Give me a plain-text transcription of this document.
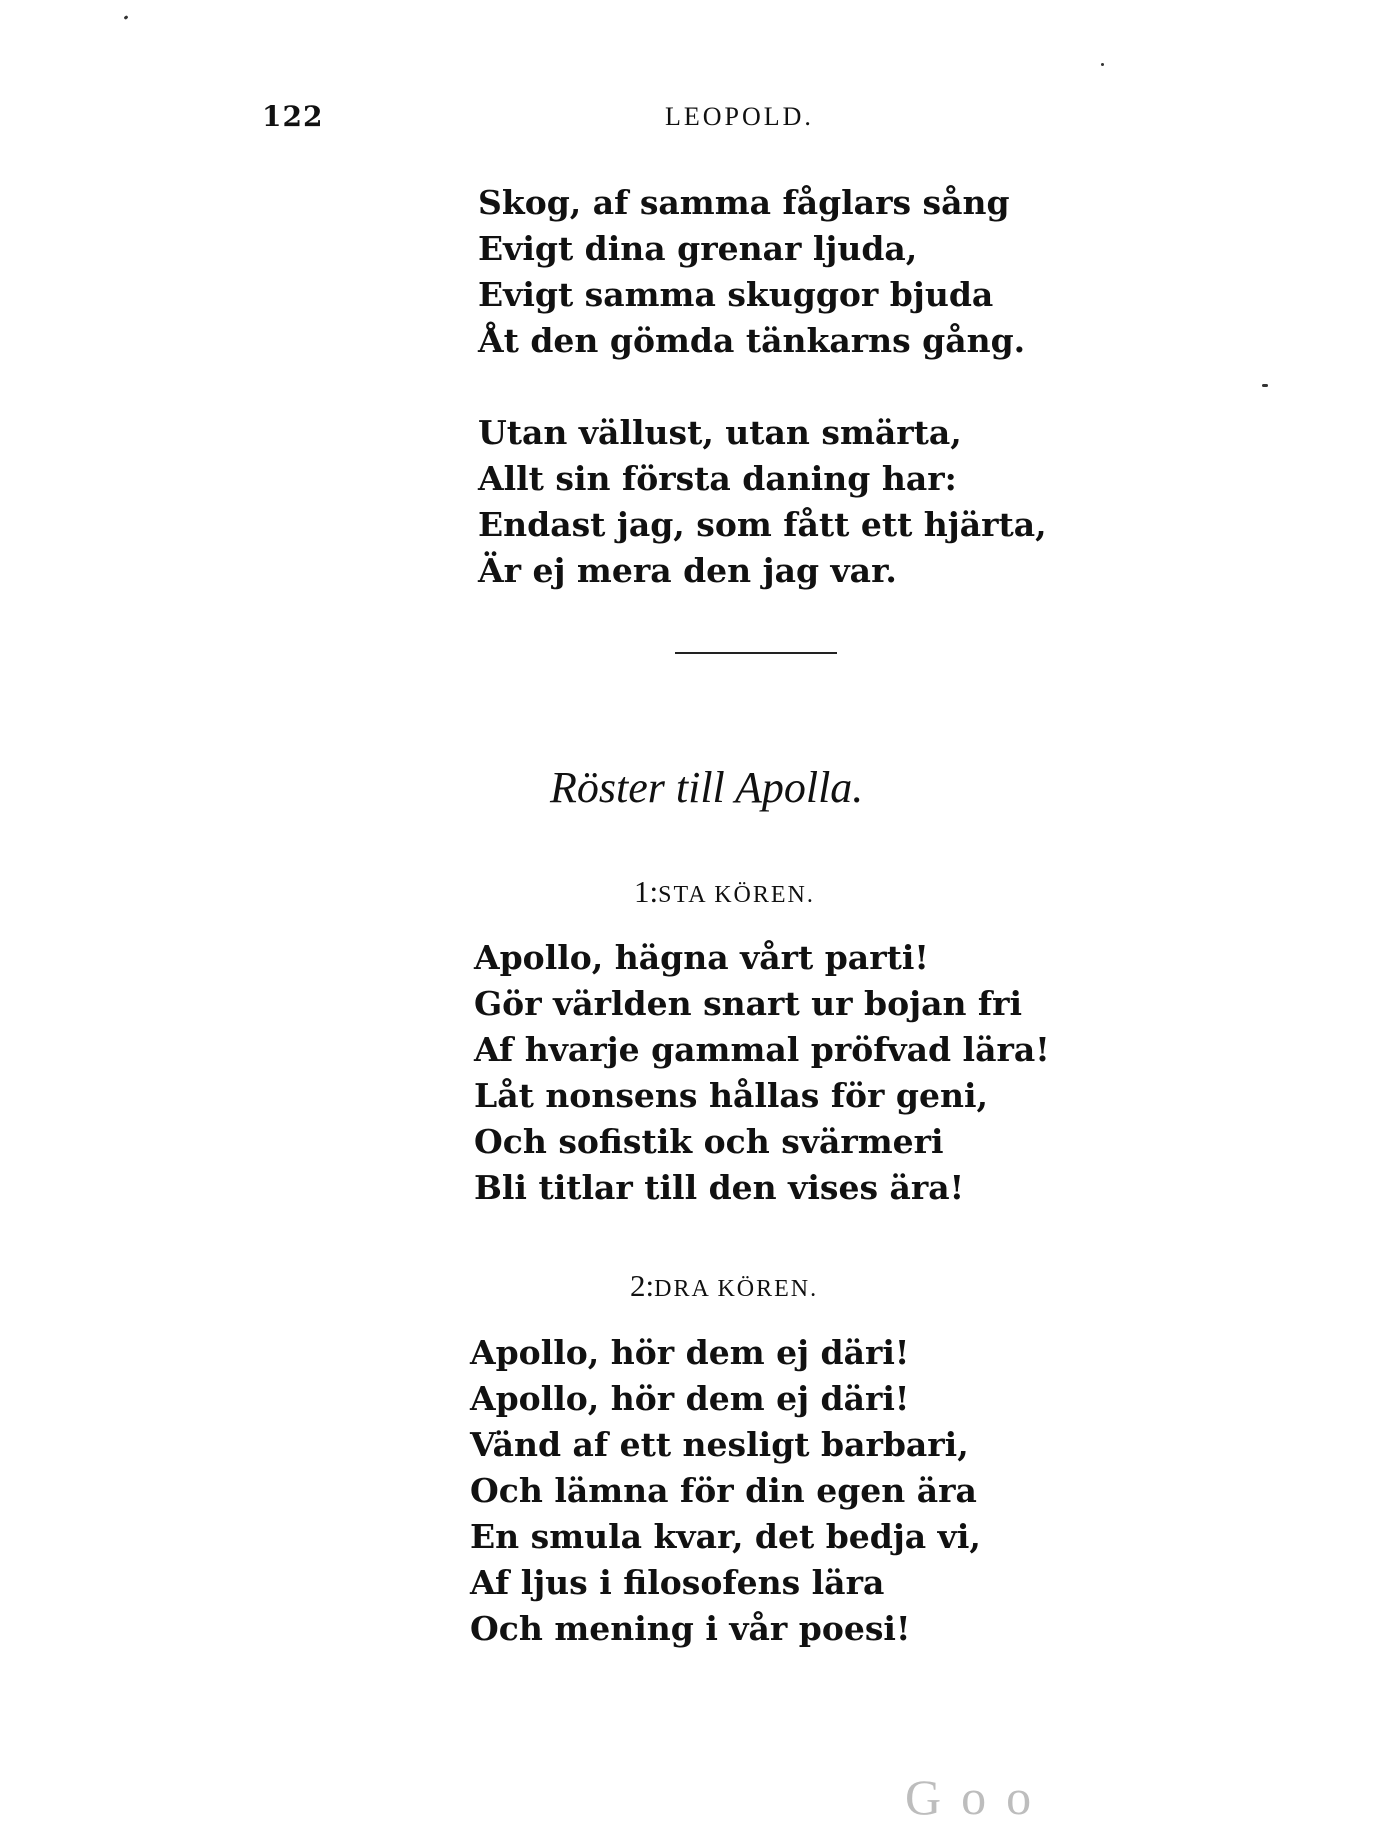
122	LEOPOLD.
Skog, af samma fåglars sång
Evigt dina grenar ljuda,
Evigt samma skuggor bjuda
Åt den gömda tänkarns gång.
Utan vällust, utan smärta,
Allt sin första daning har:
Endast jag, som fått ett hjärta,
Är ej mera den jag var.
Röster till Apolla.
1:STA KÖREN.
Apollo, hägna vårt parti!
Gör världen snart ur bojan fri
Af hvarje gammal pröfvad lära!
Låt nonsens hållas för geni,
Och sofistik och svärmeri
Bli titlar till den vises ära!
2:DRA KÖREN.
Apollo, hör dem ej däri!
Apollo, hör dem ej däri!
Vänd af ett nesligt barbari,
Och lämna för din egen ära
En smula kvar, det bedja vi,
Af ljus i filosofens lära
Och mening i vår poesi!
Goo
